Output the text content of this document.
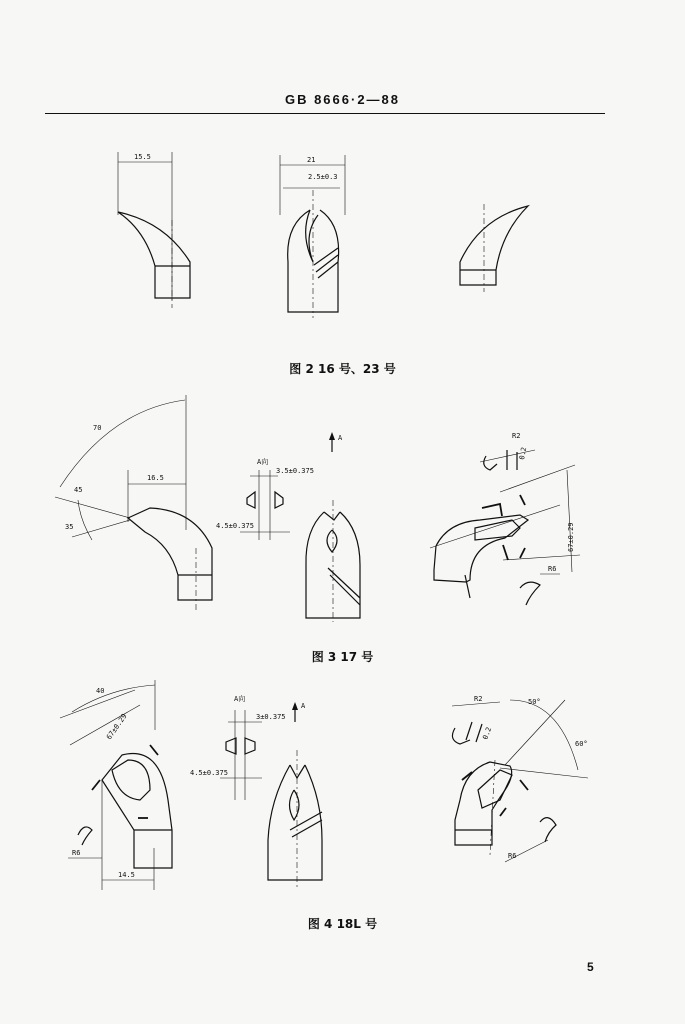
GB 8666·2—88
15.5	21
2.5±0.3
70
45
35
16.5
A向
3.5±0.375
4.5±0.375
A
67±0.29
R2
0.2
R6
40
67±0.29
14.5
R6
A向
3±0.375
4.5±0.375
A	50°
60°
R2
0.2
R6
图 2 16 号、23 号
图 3 17 号
图 4 18L 号
5
